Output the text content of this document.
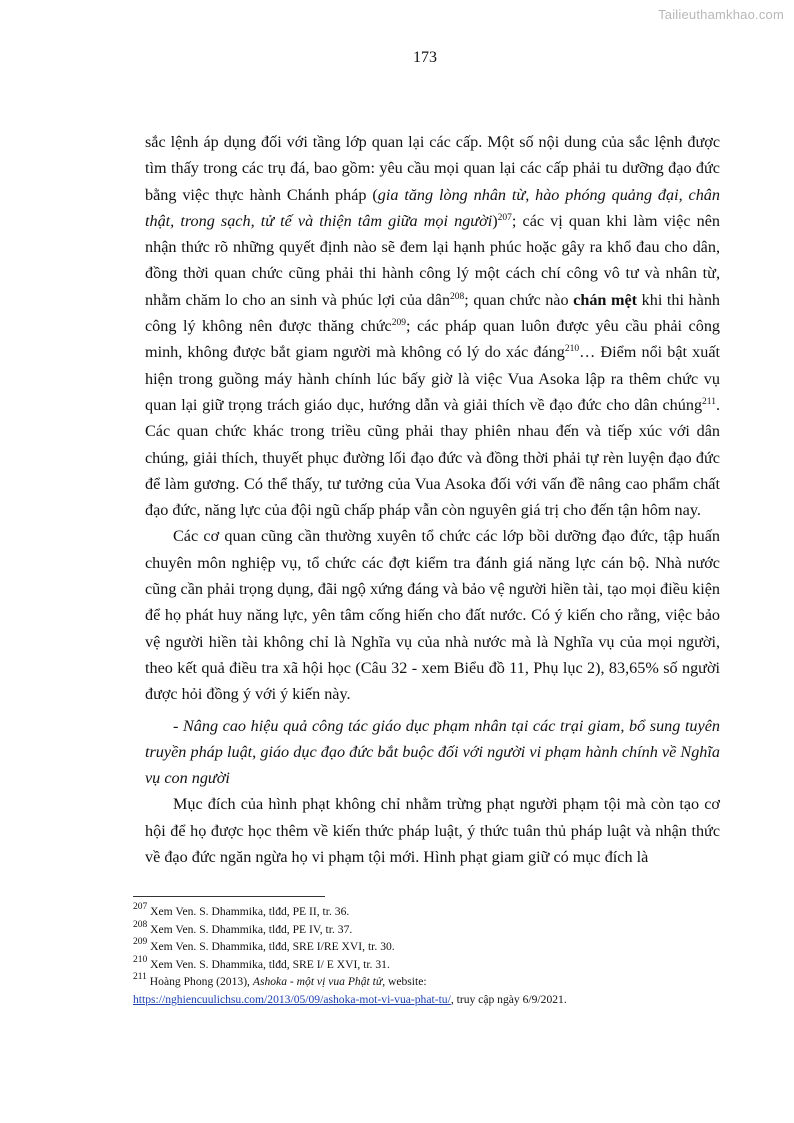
Tailieuthamkhao.com
173

sắc lệnh áp dụng đối với tầng lớp quan lại các cấp. Một số nội dung của sắc lệnh được tìm thấy trong các trụ đá, bao gồm: yêu cầu mọi quan lại các cấp phải tu dưỡng đạo đức bằng việc thực hành Chánh pháp (gia tăng lòng nhân từ, hào phóng quảng đại, chân thật, trong sạch, tử tế và thiện tâm giữa mọi người)$^{207}$; các vị quan khi làm việc nên nhận thức rõ những quyết định nào sẽ đem lại hạnh phúc hoặc gây ra khổ đau cho dân, đồng thời quan chức cũng phải thi hành công lý một cách chí công vô tư và nhân từ, nhằm chăm lo cho an sinh và phúc lợi của dân$^{208}$; quan chức nào chán mệt khi thi hành công lý không nên được thăng chức$^{209}$; các pháp quan luôn được yêu cầu phải công minh, không được bắt giam người mà không có lý do xác đáng$^{210}$… Điểm nổi bật xuất hiện trong guồng máy hành chính lúc bấy giờ là việc Vua Asoka lập ra thêm chức vụ quan lại giữ trọng trách giáo dục, hướng dẫn và giải thích về đạo đức cho dân chúng$^{211}$. Các quan chức khác trong triều cũng phải thay phiên nhau đến và tiếp xúc với dân chúng, giải thích, thuyết phục đường lối đạo đức và đồng thời phải tự rèn luyện đạo đức để làm gương. Có thể thấy, tư tưởng của Vua Asoka đối với vấn đề nâng cao phẩm chất đạo đức, năng lực của đội ngũ chấp pháp vẫn còn nguyên giá trị cho đến tận hôm nay.

Các cơ quan cũng cần thường xuyên tổ chức các lớp bồi dưỡng đạo đức, tập huấn chuyên môn nghiệp vụ, tổ chức các đợt kiểm tra đánh giá năng lực cán bộ. Nhà nước cũng cần phải trọng dụng, đãi ngộ xứng đáng và bảo vệ người hiền tài, tạo mọi điều kiện để họ phát huy năng lực, yên tâm cống hiến cho đất nước. Có ý kiến cho rằng, việc bảo vệ người hiền tài không chỉ là Nghĩa vụ của nhà nước mà là Nghĩa vụ của mọi người, theo kết quả điều tra xã hội học (Câu 32 - xem Biểu đồ 11, Phụ lục 2), 83,65% số người được hỏi đồng ý với ý kiến này.

- Nâng cao hiệu quả công tác giáo dục phạm nhân tại các trại giam, bổ sung tuyên truyền pháp luật, giáo dục đạo đức bắt buộc đối với người vi phạm hành chính về Nghĩa vụ con người

Mục đích của hình phạt không chỉ nhằm trừng phạt người phạm tội mà còn tạo cơ hội để họ được học thêm về kiến thức pháp luật, ý thức tuân thủ pháp luật và nhận thức về đạo đức ngăn ngừa họ vi phạm tội mới. Hình phạt giam giữ có mục đích là

$^{207}$ Xem Ven. S. Dhammika, tlđd, PE II, tr. 36.
$^{208}$ Xem Ven. S. Dhammika, tlđd, PE IV, tr. 37.
$^{209}$ Xem Ven. S. Dhammika, tlđd, SRE I/RE XVI, tr. 30.
$^{210}$ Xem Ven. S. Dhammika, tlđd, SRE I/ E XVI, tr. 31.
$^{211}$ Hoàng Phong (2013), Ashoka - một vị vua Phật tử, website:
https://nghiencuulichsu.com/2013/05/09/ashoka-mot-vi-vua-phat-tu/, truy cập ngày 6/9/2021.
